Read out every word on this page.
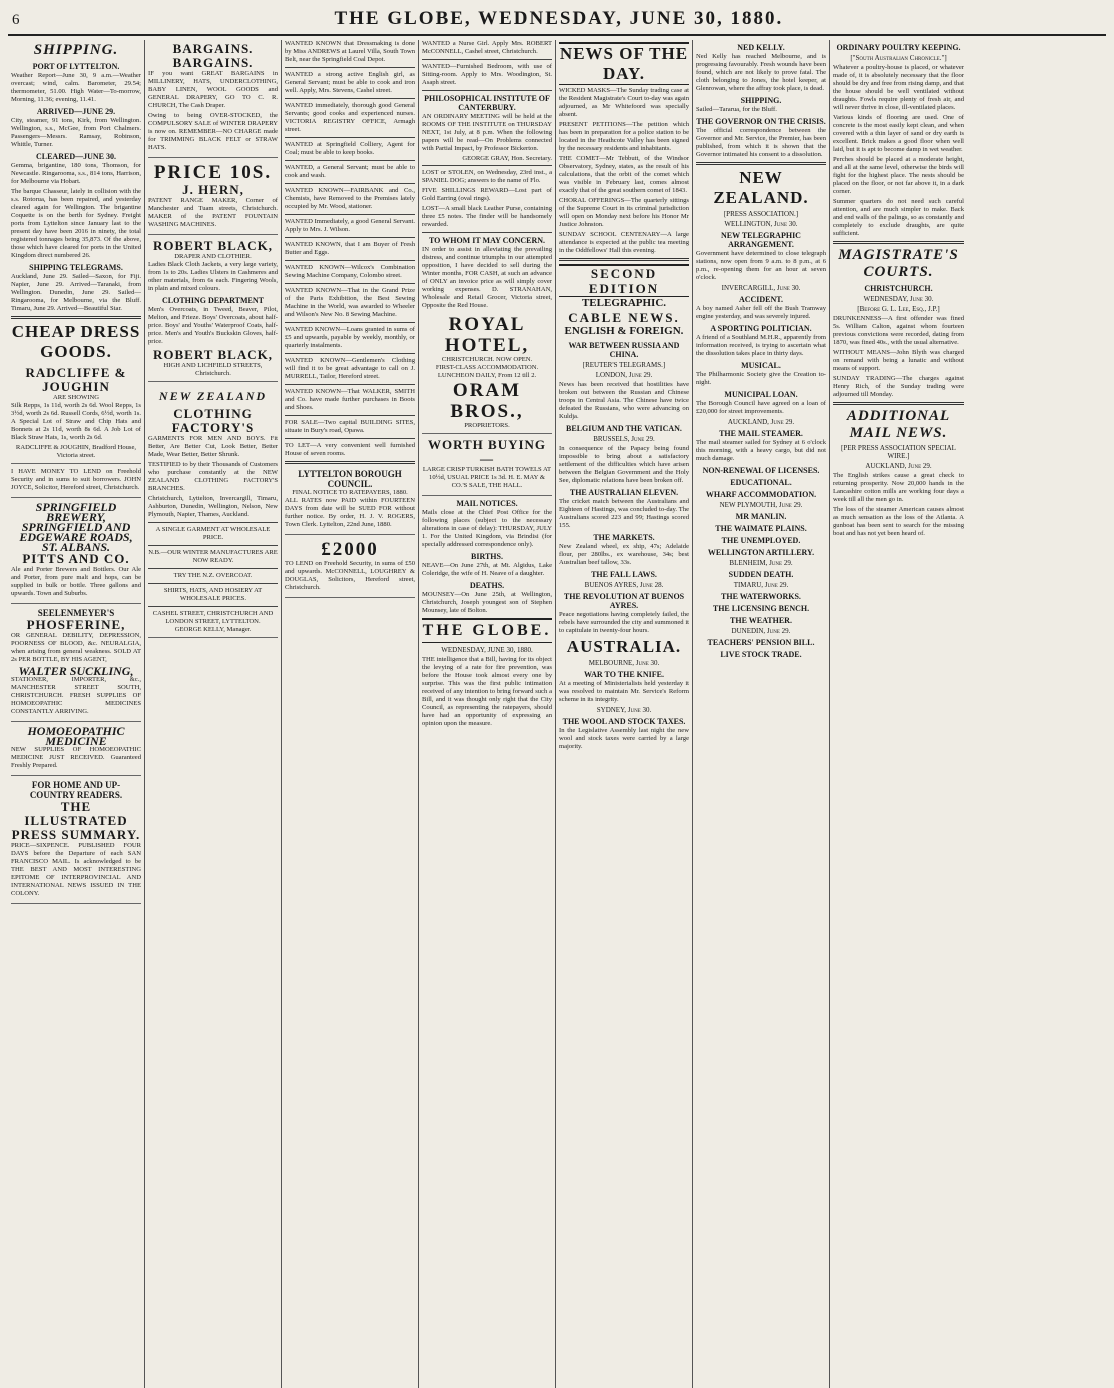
6	THE GLOBE, WEDNESDAY, JUNE 30, 1880.

SHIPPING.
PORT OF LYTTELTON.

Weather Report—June 30, 9 a.m.—Weather overcast; wind, calm. Barometer, 29.54; thermometer, 51.00. High Water—To-morrow, Morning, 11.36; evening, 11.41.

ARRIVED—JUNE 29.

City, steamer, 91 tons, Kirk, from Wellington. Wellington, s.s., McGee, from Port Chalmers. Passengers—Messrs. Ramsay, Robinson, Whittle, Turner.

CLEARED—JUNE 30.

Gemma, brigantine, 180 tons, Thomson, for Newcastle. Ringarooma, s.s., 814 tons, Harrison, for Melbourne via Hobart.

The barque Chasseur, lately in collision with the s.s. Rotorua, has been repaired, and yesterday cleared again for Wellington. The brigantine Coquette is on the berth for Sydney. Freight ports from Lyttelton since January last to the present day have been 2016 in ninety, the total registered tonnages being 35,873. Of the above, those which have cleared for ports in the United Kingdom direct numbered 26.

SHIPPING TELEGRAMS.

Auckland, June 29. Sailed—Saxon, for Fiji. Napier, June 29. Arrived—Taranaki, from Wellington. Dunedin, June 29. Sailed—Ringarooma, for Melbourne, via the Bluff. Timaru, June 29. Arrived—Beautiful Star.

CHEAP DRESS GOODS.
RADCLIFFE & JOUGHIN
ARE SHOWING

Silk Repps, 1s 11d, worth 2s 6d. Wool Repps, 1s 3½d, worth 2s 6d. Russell Cords, 6½d, worth 1s. A Special Lot of Straw and Chip Hats and Bonnets at 2s 11d, worth 8s 6d. A Job Lot of Black Straw Hats, 1s, worth 2s 6d.

RADCLIFFE & JOUGHIN, Bradford House, Victoria street.

I HAVE MONEY TO LEND on Freehold Security and in sums to suit borrowers. JOHN JOYCE, Solicitor, Hereford street, Christchurch.

SPRINGFIELD BREWERY, SPRINGFIELD AND EDGEWARE ROADS, ST. ALBANS.
PITTS AND CO.

Ale and Porter Brewers and Bottlers. Our Ale and Porter, from pure malt and hops, can be supplied in bulk or bottle. Three gallons and upwards. Town and Suburbs.

SEELENMEYER'S
PHOSFERINE,

OR GENERAL DEBILITY, DEPRESSION, POORNESS OF BLOOD, &c. NEURALGIA, when arising from general weakness. SOLD AT 2s PER BOTTLE, BY HIS AGENT,

WALTER SUCKLING,

STATIONER, IMPORTER, &c., MANCHESTER STREET SOUTH, CHRISTCHURCH. FRESH SUPPLIES OF HOMOEOPATHIC MEDICINES CONSTANTLY ARRIVING.

HOMOEOPATHIC MEDICINE

NEW SUPPLIES OF HOMOEOPATHIC MEDICINE JUST RECEIVED. Guaranteed Freshly Prepared.

FOR HOME AND UP-COUNTRY READERS.
THE ILLUSTRATED PRESS SUMMARY.

PRICE—SIXPENCE. PUBLISHED FOUR DAYS before the Departure of each SAN FRANCISCO MAIL. Is acknowledged to be THE BEST AND MOST INTERESTING EPITOME OF INTERPROVINCIAL AND INTERNATIONAL NEWS ISSUED IN THE COLONY.

BARGAINS. BARGAINS.

IF you want GREAT BARGAINS in MILLINERY, HATS, UNDERCLOTHING, BABY LINEN, WOOL GOODS and GENERAL DRAPERY, GO TO C. R. CHURCH, The Cash Draper.

Owing to being OVER-STOCKED, the COMPULSORY SALE of WINTER DRAPERY is now on. REMEMBER—NO CHARGE made for TRIMMING BLACK FELT or STRAW HATS.

PRICE 10S.
J. HERN,

PATENT RANGE MAKER, Corner of Manchester and Tuam streets, Christchurch. MAKER of the PATENT FOUNTAIN WASHING MACHINES.

ROBERT BLACK,
DRAPER AND CLOTHIER.

Ladies Black Cloth Jackets, a very large variety, from 1s to 20s. Ladies Ulsters in Cashmeres and other materials, from 6s each. Fingering Wools, in plain and mixed colours.

CLOTHING DEPARTMENT

Men's Overcoats, in Tweed, Beaver, Pilot, Melton, and Frieze. Boys' Overcoats, about half-price. Boys' and Youths' Waterproof Coats, half-price. Men's and Youth's Buckskin Gloves, half-price.

ROBERT BLACK,
HIGH AND LICHFIELD STREETS, Christchurch.
NEW ZEALAND
CLOTHING FACTORY'S

GARMENTS FOR MEN AND BOYS. Fit Better, Are Better Cut, Look Better, Better Made, Wear Better, Better Shrunk.

TESTIFIED to by their Thousands of Customers who purchase constantly at the NEW ZEALAND CLOTHING FACTORY'S BRANCHES.

Christchurch, Lyttelton, Invercargill, Timaru, Ashburton, Dunedin, Wellington, Nelson, New Plymouth, Napier, Thames, Auckland.

A SINGLE GARMENT AT WHOLESALE PRICE.
N.B.—OUR WINTER MANUFACTURES ARE NOW READY.
TRY THE N.Z. OVERCOAT.
SHIRTS, HATS, AND HOSIERY AT WHOLESALE PRICES.
CASHEL STREET, CHRISTCHURCH AND LONDON STREET, LYTTELTON.
GEORGE KELLY, Manager.

WANTED KNOWN that Dressmaking is done by Miss ANDREWS at Laurel Villa, South Town Belt, near the Springfield Coal Depot.

WANTED a strong active English girl, as General Servant; must be able to cook and iron well. Apply, Mrs. Stevens, Cashel street.

WANTED immediately, thorough good General Servants; good cooks and experienced nurses. VICTORIA REGISTRY OFFICE, Armagh street.

WANTED at Springfield Colliery, Agent for Coal; must be able to keep books.

WANTED, a General Servant; must be able to cook and wash.

WANTED KNOWN—FAIRBANK and Co., Chemists, have Removed to the Premises lately occupied by Mr. Wood, stationer.

WANTED Immediately, a good General Servant. Apply to Mrs. J. Wilson.

WANTED KNOWN, that I am Buyer of Fresh Butter and Eggs.

WANTED KNOWN—Wilcox's Combination Sewing Machine Company, Colombo street.

WANTED KNOWN—That in the Grand Prize of the Paris Exhibition, the Best Sewing Machine in the World, was awarded to Wheeler and Wilson's New No. 8 Sewing Machine.

WANTED KNOWN—Loans granted in sums of £5 and upwards, payable by weekly, monthly, or quarterly instalments.

WANTED KNOWN—Gentlemen's Clothing will find it to be great advantage to call on J. MURRELL, Tailor, Hereford street.

WANTED KNOWN—That WALKER, SMITH and Co. have made further purchases in Boots and Shoes.

FOR SALE—Two capital BUILDING SITES, situate in Bury's road, Opawa.

TO LET—A very convenient well furnished House of seven rooms.

LYTTELTON BOROUGH COUNCIL.
FINAL NOTICE TO RATEPAYERS, 1880.

ALL RATES now PAID within FOURTEEN DAYS from date will be SUED FOR without further notice. By order, H. J. V. ROGERS, Town Clerk. Lyttelton, 22nd June, 1880.

£2000

TO LEND on Freehold Security, in sums of £50 and upwards. McCONNELL, LOUGHREY & DOUGLAS, Solicitors, Hereford street, Christchurch.

WANTED a Nurse Girl. Apply Mrs. ROBERT McCONNELL, Cashel street, Christchurch.

WANTED—Furnished Bedroom, with use of Sitting-room. Apply to Mrs. Woodington, St. Asaph street.

PHILOSOPHICAL INSTITUTE OF CANTERBURY.

AN ORDINARY MEETING will be held at the ROOMS OF THE INSTITUTE on THURSDAY NEXT, 1st July, at 8 p.m. When the following papers will be read—On Problems connected with Partial Impact, by Professor Bickerton.

GEORGE GRAY, Hon. Secretary.

LOST or STOLEN, on Wednesday, 23rd inst., a SPANIEL DOG; answers to the name of Flo.

FIVE SHILLINGS REWARD—Lost part of Gold Earring (oval rings).

LOST—A small black Leather Purse, containing three £5 notes. The finder will be handsomely rewarded.

TO WHOM IT MAY CONCERN.

IN order to assist in alleviating the prevailing distress, and continue triumphs in our attempted opposition, I have decided to sell during the Winter months, FOR CASH, at such an advance of ONLY an invoice price as will simply cover working expenses. D. STRANAHAN, Wholesale and Retail Grocer, Victoria street, Opposite the Red House.

ROYAL HOTEL,
CHRISTCHURCH. NOW OPEN.
FIRST-CLASS ACCOMMODATION. LUNCHEON DAILY, From 12 till 2.
ORAM BROS.,
PROPRIETORS.
WORTH BUYING—

LARGE CRISP TURKISH BATH TOWELS AT 10½d, USUAL PRICE 1s 3d. H. E. MAY & CO.'S SALE, THE HALL.

MAIL NOTICES.

Mails close at the Chief Post Office for the following places (subject to the necessary alterations in case of delay): THURSDAY, JULY 1. For the United Kingdom, via Brindisi (for specially addressed correspondence only).

BIRTHS.

NEAVE—On June 27th, at Mt. Algidus, Lake Coleridge, the wife of H. Neave of a daughter.

DEATHS.

MOUNSEY—On June 25th, at Wellington, Christchurch, Joseph youngest son of Stephen Mounsey, late of Bolton.

THE GLOBE.
WEDNESDAY, JUNE 30, 1880.

THE intelligence that a Bill, having for its object the levying of a rate for fire prevention, was before the House took almost every one by surprise. This was the first public intimation received of any intention to bring forward such a Bill, and it was thought only right that the City Council, as representing the ratepayers, should have had an opportunity of expressing an opinion upon the measure.

NEWS OF THE DAY.

WICKED MASKS—The Sunday trading case at the Resident Magistrate's Court to-day was again adjourned, as Mr Whitefoord was specially absent.

PRESENT PETITIONS—The petition which has been in preparation for a police station to be located in the Heathcote Valley has been signed by the necessary residents and inhabitants.

THE COMET—Mr Tebbutt, of the Windsor Observatory, Sydney, states, as the result of his calculations, that the orbit of the comet which was visible in February last, comes almost exactly that of the great southern comet of 1843.

CHORAL OFFERINGS—The quarterly sittings of the Supreme Court in its criminal jurisdiction will open on Monday next before his Honor Mr Justice Johnston.

SUNDAY SCHOOL CENTENARY—A large attendance is expected at the public tea meeting in the Oddfellows' Hall this evening.

SECOND EDITION
TELEGRAPHIC.
CABLE NEWS.
ENGLISH & FOREIGN.
WAR BETWEEN RUSSIA AND CHINA.
[REUTER'S TELEGRAMS.]
LONDON, June 29.

News has been received that hostilities have broken out between the Russian and Chinese troops in Central Asia. The Chinese have twice defeated the Russians, who were advancing on Kuldja.

BELGIUM AND THE VATICAN.
BRUSSELS, June 29.

In consequence of the Papacy being found impossible to bring about a satisfactory settlement of the difficulties which have arisen between the Belgian Government and the Holy See, diplomatic relations have been broken off.

THE AUSTRALIAN ELEVEN.

The cricket match between the Australians and Eighteen of Hastings, was concluded to-day. The Australians scored 223 and 99; Hastings scored 155.

THE MARKETS.

New Zealand wheel, ex ship, 47s; Adelaide flour, per 280lbs., ex warehouse, 34s; best Australian beef tallow, 33s.

THE FALL LAWS.
BUENOS AYRES, June 28.
THE REVOLUTION AT BUENOS AYRES.

Peace negotiations having completely failed, the rebels have surrounded the city and summoned it to capitulate in twenty-four hours.

AUSTRALIA.
MELBOURNE, June 30.
WAR TO THE KNIFE.

At a meeting of Ministerialists held yesterday it was resolved to maintain Mr. Service's Reform scheme in its integrity.

SYDNEY, June 30.
THE WOOL AND STOCK TAXES.

In the Legislative Assembly last night the new wool and stock taxes were carried by a large majority.

NED KELLY.

Ned Kelly has reached Melbourne, and is progressing favourably. Fresh wounds have been found, which are not likely to prove fatal. The cloth belonging to Jones, the hotel keeper, at Glenrowan, where the affray took place, is dead.

SHIPPING.

Sailed—Tararua, for the Bluff.

THE GOVERNOR ON THE CRISIS.

The official correspondence between the Governor and Mr. Service, the Premier, has been published, from which it is shown that the Governor intimated his consent to a dissolution.

NEW ZEALAND.
[PRESS ASSOCIATION.]
WELLINGTON, June 30.
NEW TELEGRAPHIC ARRANGEMENT.

Government have determined to close telegraph stations, now open from 9 a.m. to 8 p.m., at 6 p.m., re-opening them for an hour at seven o'clock.

INVERCARGILL, June 30.
ACCIDENT.

A boy named Asher fell off the Bush Tramway engine yesterday, and was severely injured.

A SPORTING POLITICIAN.

A friend of a Southland M.H.R., apparently from information received, is trying to ascertain what the dissolution takes place in thirty days.

MUSICAL.

The Philharmonic Society give the Creation to-night.

MUNICIPAL LOAN.

The Borough Council have agreed on a loan of £20,000 for street improvements.

AUCKLAND, June 29.
THE MAIL STEAMER.

The mail steamer sailed for Sydney at 6 o'clock this morning, with a heavy cargo, but did not much damage.

NON-RENEWAL OF LICENSES.
EDUCATIONAL.
WHARF ACCOMMODATION.
NEW PLYMOUTH, June 29.
MR MANLIN.
THE WAIMATE PLAINS.
THE UNEMPLOYED.
WELLINGTON ARTILLERY.
BLENHEIM, June 29.
SUDDEN DEATH.
TIMARU, June 29.
THE WATERWORKS.
THE LICENSING BENCH.
THE WEATHER.
DUNEDIN, June 29.
TEACHERS' PENSION BILL.
LIVE STOCK TRADE.
ORDINARY POULTRY KEEPING.
["South Australian Chronicle."]

Whatever a poultry-house is placed, or whatever made of, it is absolutely necessary that the floor should be dry and free from rising damp, and that the house should be well ventilated without draughts. Fowls require plenty of fresh air, and will never thrive in close, ill-ventilated places.

Various kinds of flooring are used. One of concrete is the most easily kept clean, and when covered with a thin layer of sand or dry earth is excellent. Brick makes a good floor when well laid, but it is apt to become damp in wet weather.

Perches should be placed at a moderate height, and all at the same level, otherwise the birds will fight for the highest place. The nests should be placed on the floor, or not far above it, in a dark corner.

Summer quarters do not need such careful attention, and are much simpler to make. Back and end walls of the palings, so as constantly and completely to exclude draughts, are quite sufficient.

MAGISTRATE'S COURTS.
CHRISTCHURCH.
WEDNESDAY, June 30.
[Before G. L. Lee, Esq., J.P.]

DRUNKENNESS—A first offender was fined 5s. William Calton, against whom fourteen previous convictions were recorded, dating from 1870, was fined 40s., with the usual alternative.

WITHOUT MEANS—John Blyth was charged on remand with being a lunatic and without means of support.

SUNDAY TRADING—The charges against Henry Rich, of the Sunday trading were adjourned till Monday.

ADDITIONAL MAIL NEWS.
[PER PRESS ASSOCIATION SPECIAL WIRE.]
AUCKLAND, June 29.

The English strikes cause a great check to returning prosperity. Now 20,000 hands in the Lancashire cotton mills are working four days a week till all the men go in.

The loss of the steamer American causes almost as much sensation as the loss of the Atlanta. A gunboat has been sent to search for the missing boat and has not yet been heard of.
